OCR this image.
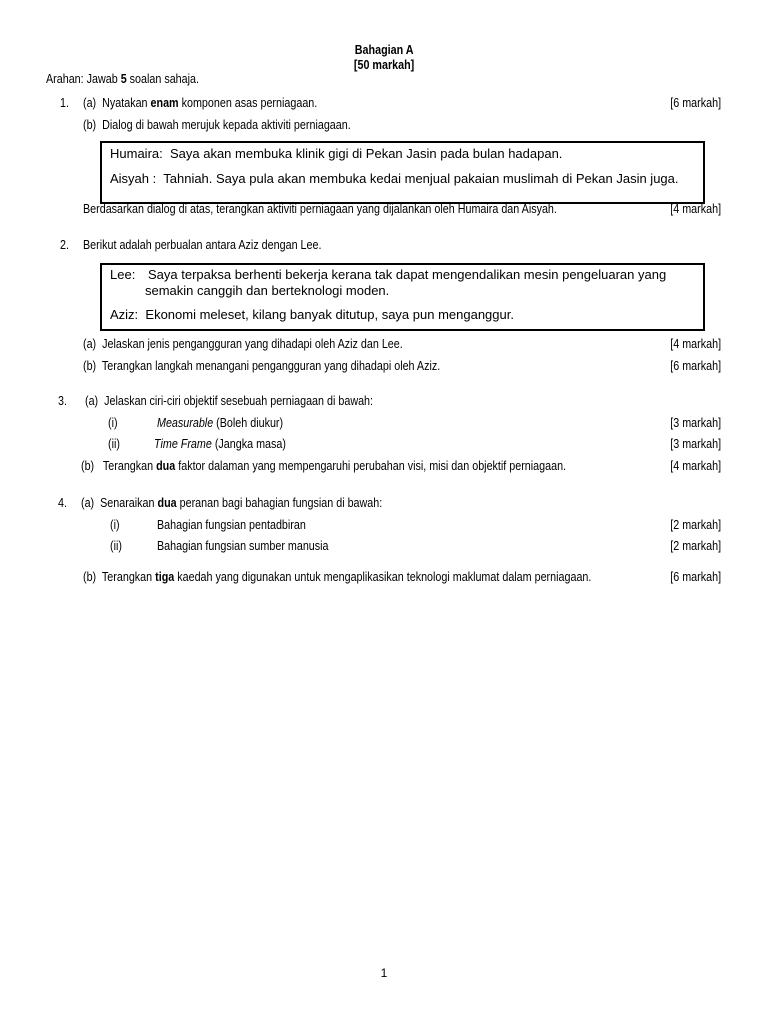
Bahagian A
[50 markah]
Arahan: Jawab 5 soalan sahaja.
1. (a) Nyatakan enam komponen asas perniagaan.	[6 markah]
(b) Dialog di bawah merujuk kepada aktiviti perniagaan.
Humaira: Saya akan membuka klinik gigi di Pekan Jasin pada bulan hadapan.
Aisyah : Tahniah. Saya pula akan membuka kedai menjual pakaian muslimah di Pekan Jasin juga.
Berdasarkan dialog di atas, terangkan aktiviti perniagaan yang dijalankan oleh Humaira dan Aisyah.	[4 markah]
2. Berikut adalah perbualan antara Aziz dengan Lee.
Lee: Saya terpaksa berhenti bekerja kerana tak dapat mengendalikan mesin pengeluaran yang
semakin canggih dan berteknologi moden.
Aziz: Ekonomi meleset, kilang banyak ditutup, saya pun menganggur.
(a) Jelaskan jenis pengangguran yang dihadapi oleh Aziz dan Lee.	[4 markah]
(b) Terangkan langkah menangani pengangguran yang dihadapi oleh Aziz.	[6 markah]
3. (a) Jelaskan ciri-ciri objektif sesebuah perniagaan di bawah:
(i)	Measurable (Boleh diukur)	[3 markah]
(ii)	Time Frame (Jangka masa)	[3 markah]
(b) Terangkan dua faktor dalaman yang mempengaruhi perubahan visi, misi dan objektif perniagaan.	[4 markah]
4. (a) Senaraikan dua peranan bagi bahagian fungsian di bawah:
(i)	Bahagian fungsian pentadbiran	[2 markah]
(ii)	Bahagian fungsian sumber manusia	[2 markah]
(b) Terangkan tiga kaedah yang digunakan untuk mengaplikasikan teknologi maklumat dalam perniagaan.	[6 markah]
1
